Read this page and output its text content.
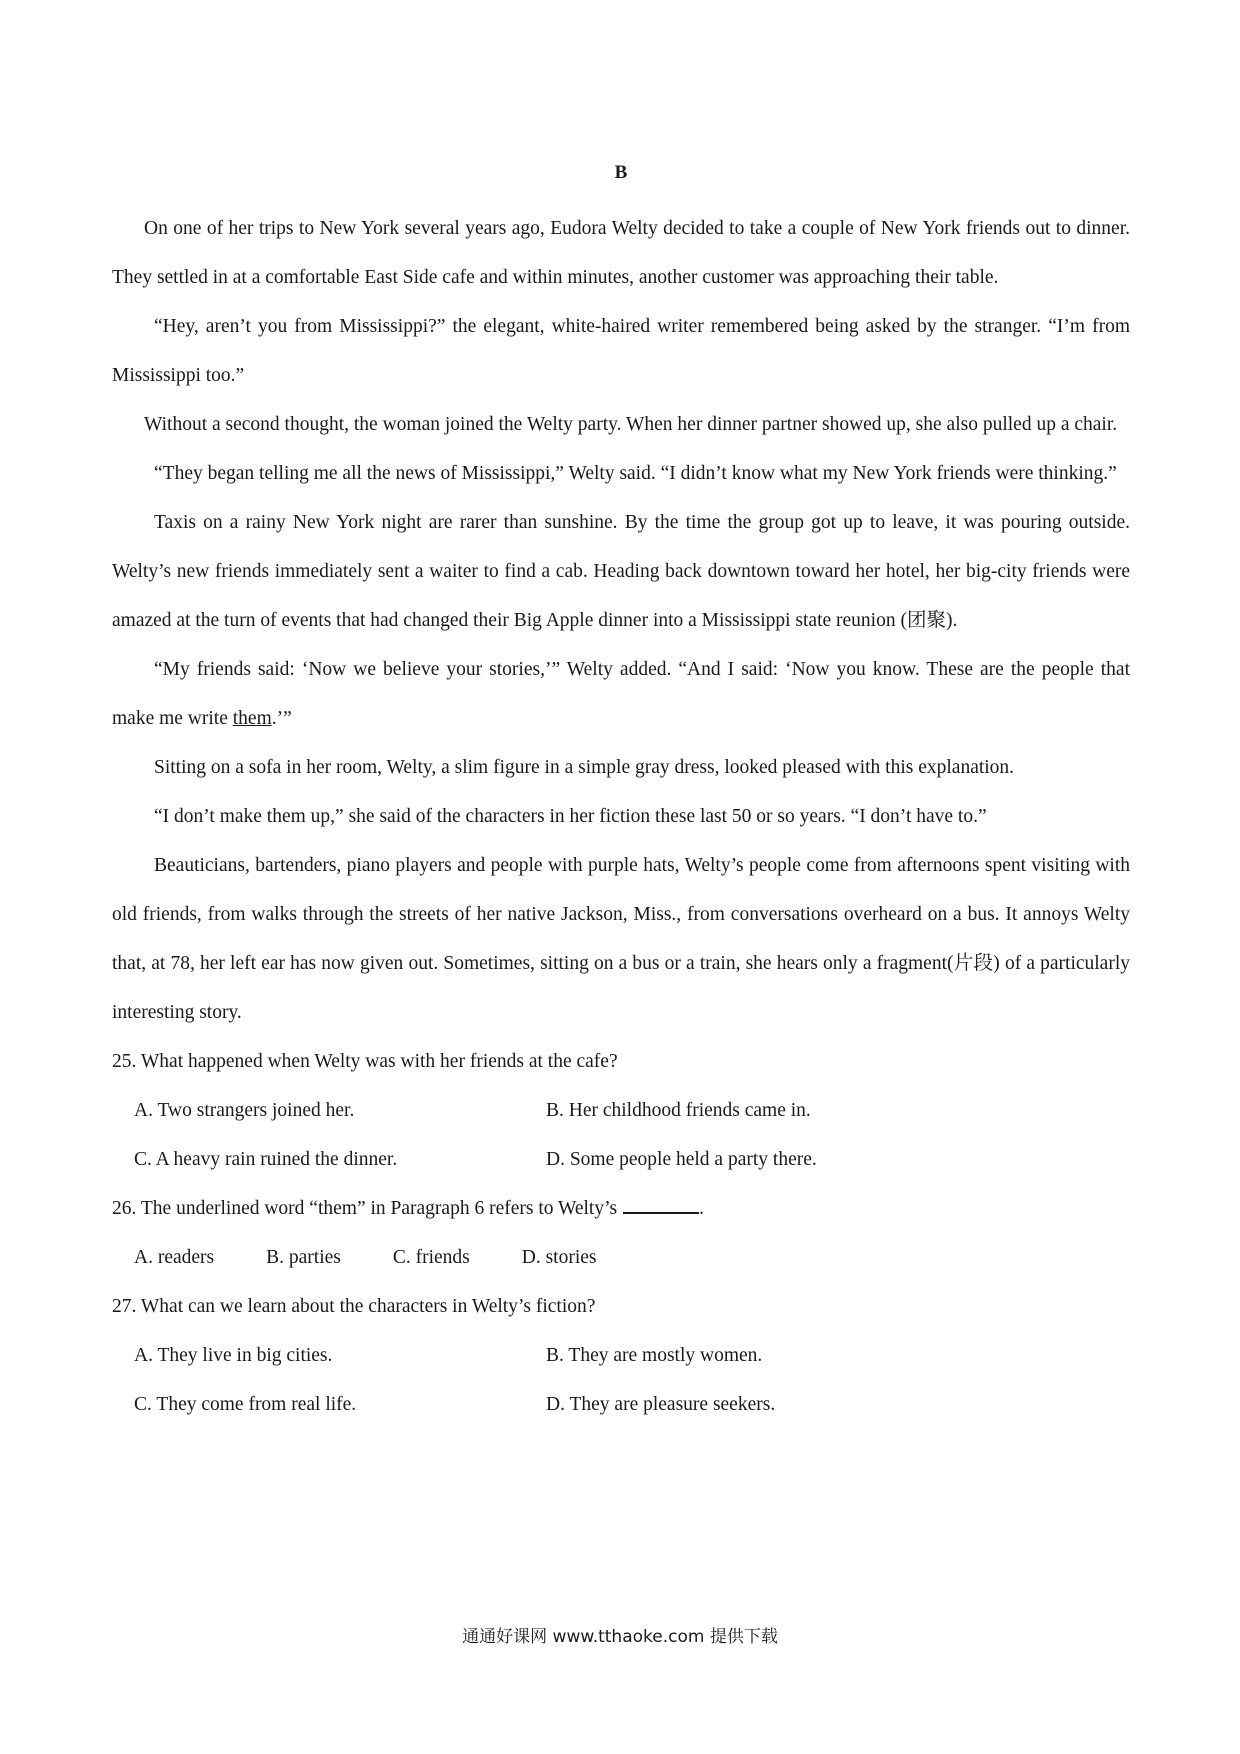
B

On one of her trips to New York several years ago, Eudora Welty decided to take a couple of New York friends out to dinner. They settled in at a comfortable East Side cafe and within minutes, another customer was approaching their table.

“Hey, aren’t you from Mississippi?” the elegant, white-haired writer remembered being asked by the stranger. “I’m from Mississippi too.”

Without a second thought, the woman joined the Welty party. When her dinner partner showed up, she also pulled up a chair.

“They began telling me all the news of Mississippi,” Welty said. “I didn’t know what my New York friends were thinking.”

Taxis on a rainy New York night are rarer than sunshine. By the time the group got up to leave, it was pouring outside. Welty’s new friends immediately sent a waiter to find a cab. Heading back downtown toward her hotel, her big-city friends were amazed at the turn of events that had changed their Big Apple dinner into a Mississippi state reunion (团聚).

“My friends said: ‘Now we believe your stories,’” Welty added. “And I said: ‘Now you know. These are the people that make me write them.’”

Sitting on a sofa in her room, Welty, a slim figure in a simple gray dress, looked pleased with this explanation.

“I don’t make them up,” she said of the characters in her fiction these last 50 or so years. “I don’t have to.”

Beauticians, bartenders, piano players and people with purple hats, Welty’s people come from afternoons spent visiting with old friends, from walks through the streets of her native Jackson, Miss., from conversations overheard on a bus. It annoys Welty that, at 78, her left ear has now given out. Sometimes, sitting on a bus or a train, she hears only a fragment(片段) of a particularly interesting story.

25. What happened when Welty was with her friends at the cafe?

A. Two strangers joined her.	B. Her childhood friends came in.
C. A heavy rain ruined the dinner.	D. Some people held a party there.

26. The underlined word “them” in Paragraph 6 refers to Welty’s	.

A. readers	B. parties	C. friends	D. stories

27. What can we learn about the characters in Welty’s fiction?

A. They live in big cities.	B. They are mostly women.
C. They come from real life.	D. They are pleasure seekers.
通通好课网 www.tthaoke.com 提供下载
